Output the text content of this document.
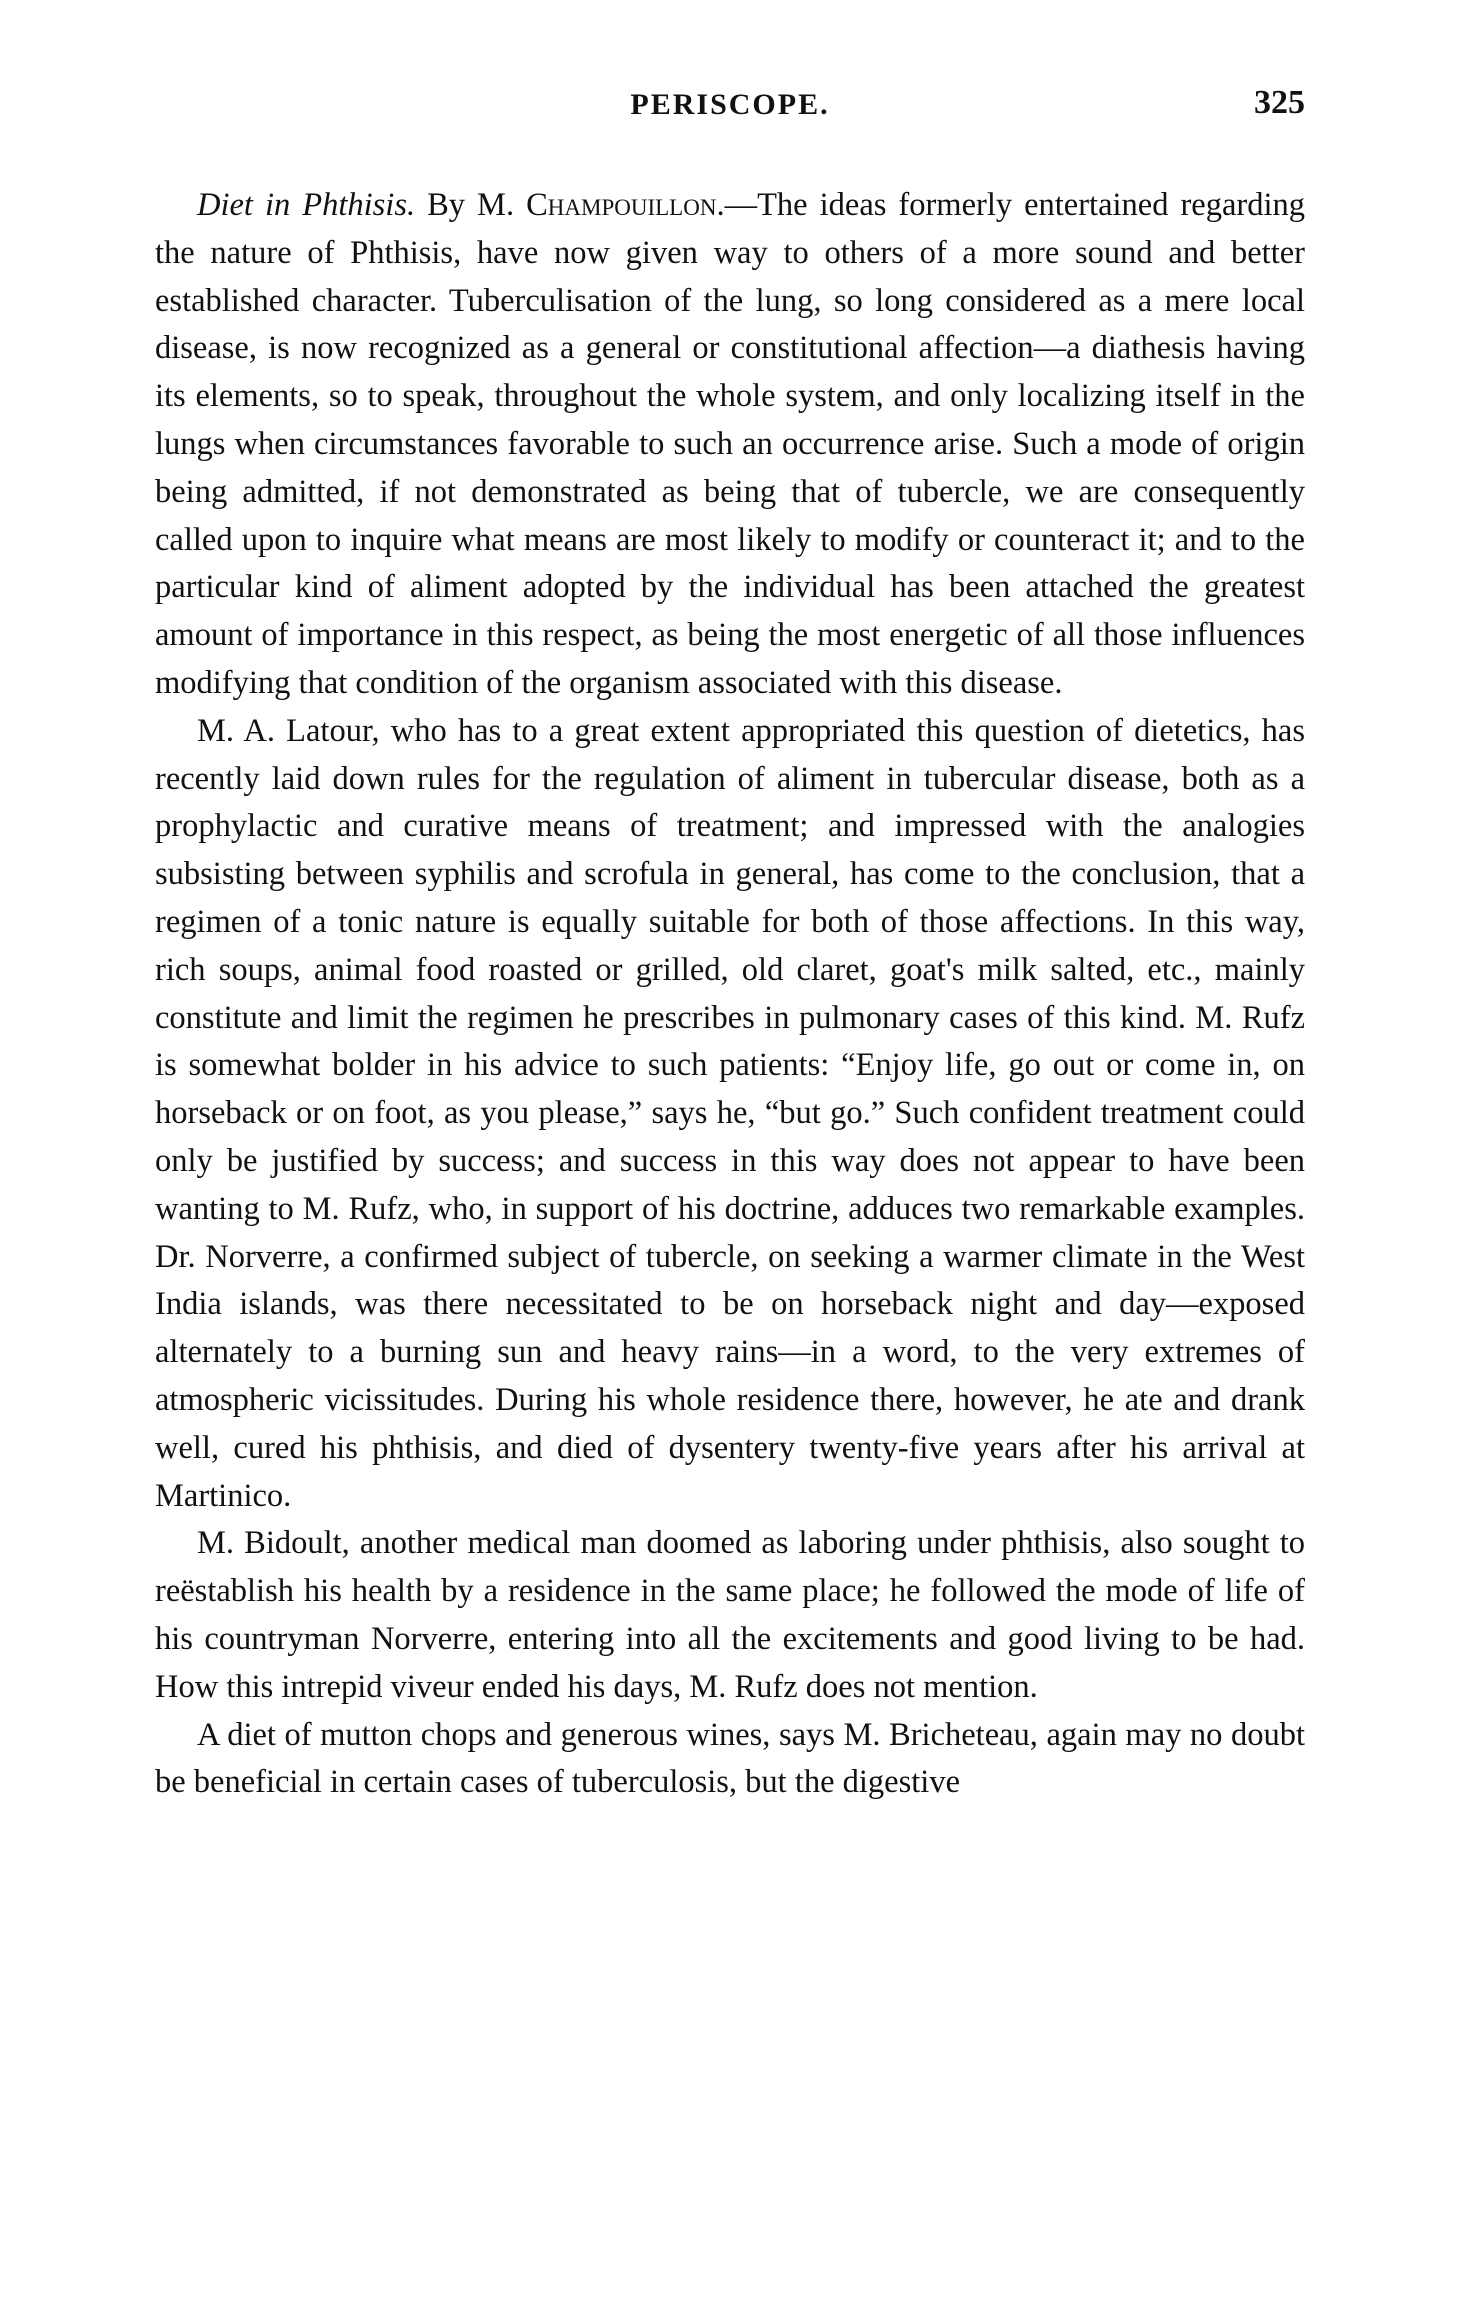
PERISCOPE.	325

Diet in Phthisis. By M. Champouillon.—The ideas formerly entertained regarding the nature of Phthisis, have now given way to others of a more sound and better established character. Tuberculisation of the lung, so long considered as a mere local disease, is now recognized as a general or constitutional affection—a diathesis having its elements, so to speak, throughout the whole system, and only localizing itself in the lungs when circumstances favorable to such an occurrence arise. Such a mode of origin being admitted, if not demonstrated as being that of tubercle, we are consequently called upon to inquire what means are most likely to modify or counteract it; and to the particular kind of aliment adopted by the individual has been attached the greatest amount of importance in this respect, as being the most energetic of all those influences modifying that condition of the organism associated with this disease.

M. A. Latour, who has to a great extent appropriated this question of dietetics, has recently laid down rules for the regulation of aliment in tubercular disease, both as a prophylactic and curative means of treatment; and impressed with the analogies subsisting between syphilis and scrofula in general, has come to the conclusion, that a regimen of a tonic nature is equally suitable for both of those affections. In this way, rich soups, animal food roasted or grilled, old claret, goat's milk salted, etc., mainly constitute and limit the regimen he prescribes in pulmonary cases of this kind. M. Rufz is somewhat bolder in his advice to such patients: “Enjoy life, go out or come in, on horseback or on foot, as you please,” says he, “but go.” Such confident treatment could only be justified by success; and success in this way does not appear to have been wanting to M. Rufz, who, in support of his doctrine, adduces two remarkable examples. Dr. Norverre, a confirmed subject of tubercle, on seeking a warmer climate in the West India islands, was there necessitated to be on horseback night and day—exposed alternately to a burning sun and heavy rains—in a word, to the very extremes of atmospheric vicissitudes. During his whole residence there, however, he ate and drank well, cured his phthisis, and died of dysentery twenty-five years after his arrival at Martinico.

M. Bidoult, another medical man doomed as laboring under phthisis, also sought to reëstablish his health by a residence in the same place; he followed the mode of life of his countryman Norverre, entering into all the excitements and good living to be had. How this intrepid viveur ended his days, M. Rufz does not mention.

A diet of mutton chops and generous wines, says M. Bricheteau, again may no doubt be beneficial in certain cases of tuberculosis, but the digestive
